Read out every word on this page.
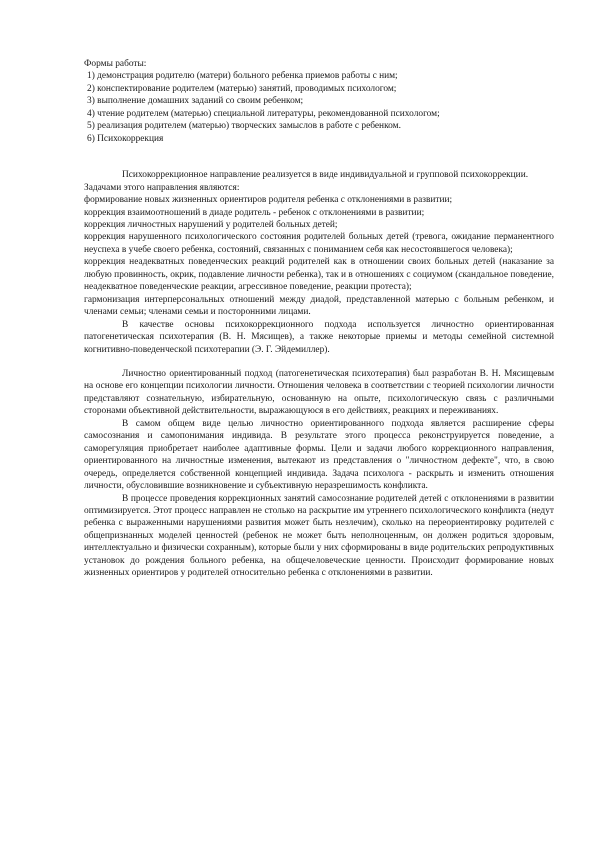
Формы работы:

1) демонстрация родителю (матери) больного ребенка приемов работы с ним;

2) конспектирование родителем (матерью) занятий, проводимых психологом;

3) выполнение домашних заданий со своим ребенком;

4) чтение родителем (матерью) специальной литературы, рекомендованной психологом;

5) реализация родителем (матерью) творческих замыслов в работе с ребенком.

6) Психокоррекция

Психокоррекционное направление реализуется в виде индивидуальной и групповой психокоррекции.

Задачами этого направления являются:

формирование новых жизненных ориентиров родителя ребенка с отклонениями в развитии;

коррекция взаимоотношений в диаде родитель - ребенок с отклонениями в развитии;

коррекция личностных нарушений у родителей больных детей;

коррекция нарушенного психологического состояния родителей больных детей (тревога, ожидание перманентного неуспеха в учебе своего ребенка, состояний, связанных с пониманием себя как несостоявшегося человека);

коррекция неадекватных поведенческих реакций родителей как в отношении своих больных детей (наказание за любую провинность, окрик, подавление личности ребенка), так и в отношениях с социумом (скандальное поведение, неадекватное поведенческие реакции, агрессивное поведение, реакции протеста);

гармонизация интерперсональных отношений между диадой, представленной матерью с больным ребенком, и членами семьи; членами семьи и посторонними лицами.

В качестве основы психокоррекционного подхода используется личностно ориентированная патогенетическая психотерапия (В. Н. Мясищев), а также некоторые приемы и методы семейной системной когнитивно-поведенческой психотерапии (Э. Г. Эйдемиллер).

Личностно ориентированный подход (патогенетическая психотерапия) был разработан В. Н. Мясищевым на основе его концепции психологии личности. Отношения человека в соответствии с теорией психологии личности представляют сознательную, избирательную, основанную на опыте, психологическую связь с различными сторонами объективной действительности, выражающуюся в его действиях, реакциях и переживаниях.

В самом общем виде целью личностно ориентированного подхода является расширение сферы самосознания и самопонимания индивида. В результате этого процесса реконструируется поведение, а саморегуляция приобретает наиболее адаптивные формы. Цели и задачи любого коррекционного направления, ориентированного на личностные изменения, вытекают из представления о "личностном дефекте", что, в свою очередь, определяется собственной концепцией индивида. Задача психолога - раскрыть и изменить отношения личности, обусловившие возникновение и субъективную неразрешимость конфликта.

В процессе проведения коррекционных занятий самосознание родителей детей с отклонениями в развитии оптимизируется. Этот процесс направлен не столько на раскрытие им утреннего психологического конфликта (недут ребенка с выраженными нарушениями развития может быть незлечим), сколько на переориентировку родителей с общепризнанных моделей ценностей (ребенок не может быть неполноценным, он должен родиться здоровым, интеллектуально и физически сохранным), которые были у них сформированы в виде родительских репродуктивных установок до рождения больного ребенка, на общечеловеческие ценности. Происходит формирование новых жизненных ориентиров у родителей относительно ребенка с отклонениями в развитии.
